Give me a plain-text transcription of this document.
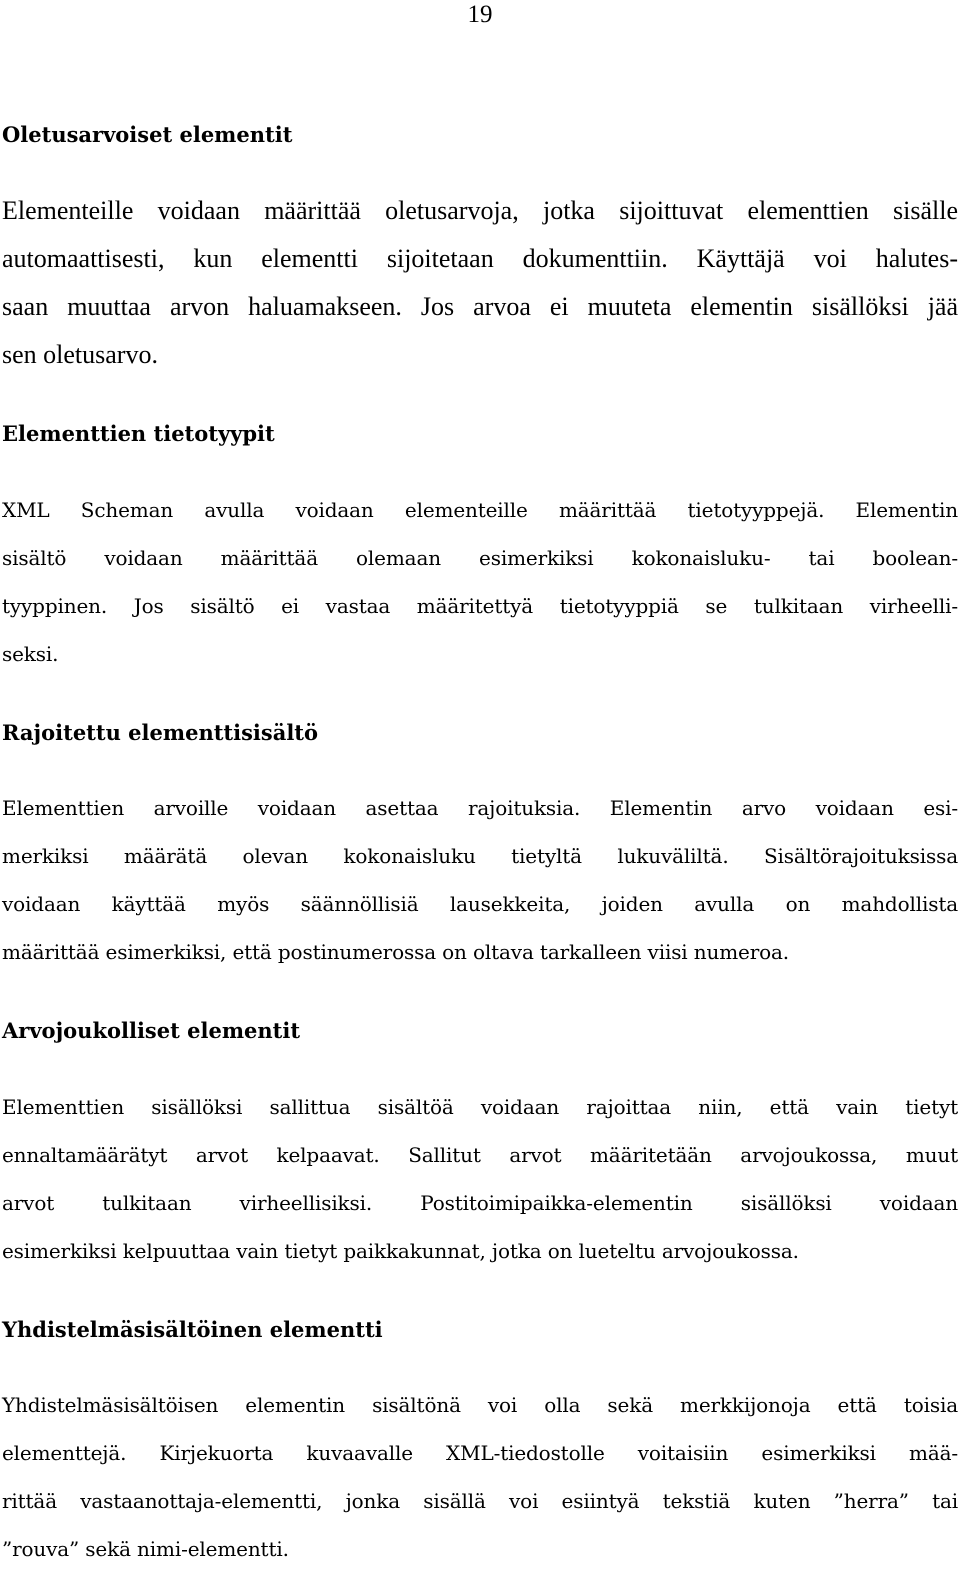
19
Oletusarvoiset elementit
Elementeille voidaan määrittää oletusarvoja, jotka sijoittuvat elementtien sisälle
automaattisesti, kun elementti sijoitetaan dokumenttiin. Käyttäjä voi halutes-
saan muuttaa arvon haluamakseen. Jos arvoa ei muuteta elementin sisällöksi jää
sen oletusarvo.
Elementtien tietotyypit
XML Scheman avulla voidaan elementeille määrittää tietotyyppejä. Elementin
sisältö voidaan määrittää olemaan esimerkiksi kokonaisluku- tai boolean-
tyyppinen. Jos sisältö ei vastaa määritettyä tietotyyppiä se tulkitaan virheelli-
seksi.
Rajoitettu elementtisisältö
Elementtien arvoille voidaan asettaa rajoituksia. Elementin arvo voidaan esi-
merkiksi määrätä olevan kokonaisluku tietyltä lukuväliltä. Sisältörajoituksissa
voidaan käyttää myös säännöllisiä lausekkeita, joiden avulla on mahdollista
määrittää esimerkiksi, että postinumerossa on oltava tarkalleen viisi numeroa.
Arvojoukolliset elementit
Elementtien sisällöksi sallittua sisältöä voidaan rajoittaa niin, että vain tietyt
ennaltamäärätyt arvot kelpaavat. Sallitut arvot määritetään arvojoukossa, muut
arvot tulkitaan virheellisiksi. Postitoimipaikka-elementin sisällöksi voidaan
esimerkiksi kelpuuttaa vain tietyt paikkakunnat, jotka on lueteltu arvojoukossa.
Yhdistelmäsisältöinen elementti
Yhdistelmäsisältöisen elementin sisältönä voi olla sekä merkkijonoja että toisia
elementtejä. Kirjekuorta kuvaavalle XML-tiedostolle voitaisiin esimerkiksi mää-
rittää vastaanottaja-elementti, jonka sisällä voi esiintyä tekstiä kuten ”herra” tai
”rouva” sekä nimi-elementti.
